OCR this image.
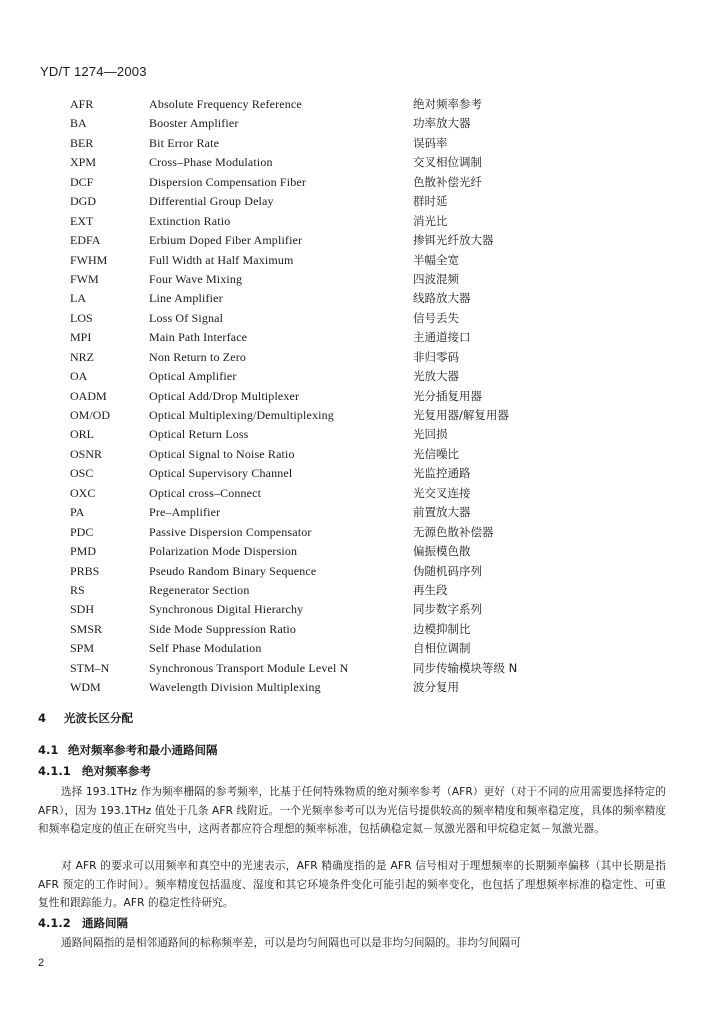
YD/T 1274—2003
AFR	Absolute Frequency Reference	绝对频率参考
BA	Booster Amplifier	功率放大器
BER	Bit Error Rate	误码率
XPM	Cross–Phase Modulation	交叉相位调制
DCF	Dispersion Compensation Fiber	色散补偿光纤
DGD	Differential Group Delay	群时延
EXT	Extinction Ratio	消光比
EDFA	Erbium Doped Fiber Amplifier	掺铒光纤放大器
FWHM	Full Width at Half Maximum	半幅全宽
FWM	Four Wave Mixing	四波混频
LA	Line Amplifier	线路放大器
LOS	Loss Of Signal	信号丢失
MPI	Main Path Interface	主通道接口
NRZ	Non Return to Zero	非归零码
OA	Optical Amplifier	光放大器
OADM	Optical Add/Drop Multiplexer	光分插复用器
OM/OD	Optical Multiplexing/Demultiplexing	光复用器/解复用器
ORL	Optical Return Loss	光回损
OSNR	Optical Signal to Noise Ratio	光信噪比
OSC	Optical Supervisory Channel	光监控通路
OXC	Optical cross–Connect	光交叉连接
PA	Pre–Amplifier	前置放大器
PDC	Passive Dispersion Compensator	无源色散补偿器
PMD	Polarization Mode Dispersion	偏振模色散
PRBS	Pseudo Random Binary Sequence	伪随机码序列
RS	Regenerator Section	再生段
SDH	Synchronous Digital Hierarchy	同步数字系列
SMSR	Side Mode Suppression Ratio	边模抑制比
SPM	Self Phase Modulation	自相位调制
STM–N	Synchronous Transport Module Level N	同步传输模块等级 N
WDM	Wavelength Division Multiplexing	波分复用
4 光波长区分配
4.1 绝对频率参考和最小通路间隔
4.1.1 绝对频率参考

选择 193.1THz 作为频率栅隔的参考频率，比基于任何特殊物质的绝对频率参考（AFR）更好（对于不同的应用需要选择特定的 AFR），因为 193.1THz 值处于几条 AFR 线附近。一个光频率参考可以为光信号提供较高的频率精度和频率稳定度，具体的频率精度和频率稳定度的值正在研究当中，这两者都应符合理想的频率标准，包括碘稳定氦－氖激光器和甲烷稳定氦－氖激光器。

对 AFR 的要求可以用频率和真空中的光速表示，AFR 精确度指的是 AFR 信号相对于理想频率的长期频率偏移（其中长期是指 AFR 预定的工作时间）。频率精度包括温度、湿度和其它环境条件变化可能引起的频率变化，也包括了理想频率标准的稳定性、可重复性和跟踪能力。AFR 的稳定性待研究。

4.1.2 通路间隔

通路间隔指的是相邻通路间的标称频率差，可以是均匀间隔也可以是非均匀间隔的。非均匀间隔可

2
